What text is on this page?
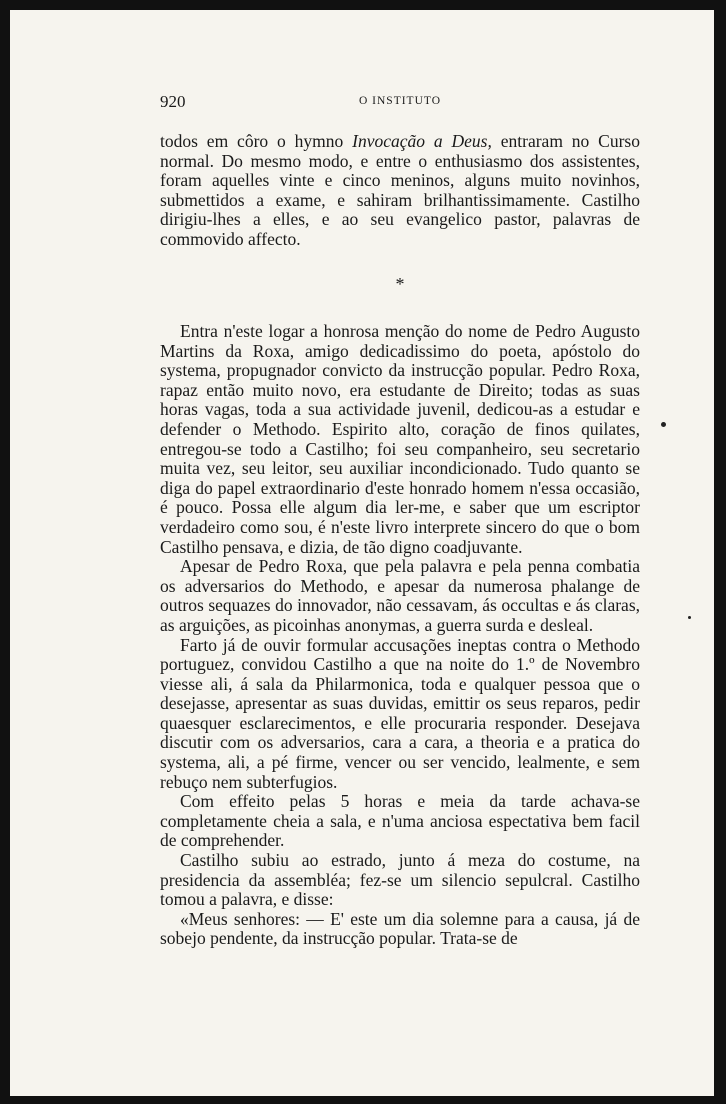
920	O INSTITUTO

todos em côro o hymno Invocação a Deus, entraram no Curso normal. Do mesmo modo, e entre o enthusiasmo dos assistentes, foram aquelles vinte e cinco meninos, alguns muito novinhos, submettidos a exame, e sahiram brilhantissimamente. Castilho dirigiu-lhes a elles, e ao seu evangelico pastor, palavras de commovido affecto.

*

Entra n'este logar a honrosa menção do nome de Pedro Augusto Martins da Roxa, amigo dedicadissimo do poeta, apóstolo do systema, propugnador convicto da instrucção popular. Pedro Roxa, rapaz então muito novo, era estudante de Direito; todas as suas horas vagas, toda a sua actividade juvenil, dedicou-as a estudar e defender o Methodo. Espirito alto, coração de finos quilates, entregou-se todo a Castilho; foi seu companheiro, seu secretario muita vez, seu leitor, seu auxiliar incondicionado. Tudo quanto se diga do papel extraordinario d'este honrado homem n'essa occasião, é pouco. Possa elle algum dia ler-me, e saber que um escriptor verdadeiro como sou, é n'este livro interprete sincero do que o bom Castilho pensava, e dizia, de tão digno coadjuvante.

Apesar de Pedro Roxa, que pela palavra e pela penna combatia os adversarios do Methodo, e apesar da numerosa phalange de outros sequazes do innovador, não cessavam, ás occultas e ás claras, as arguições, as picoinhas anonymas, a guerra surda e desleal.

Farto já de ouvir formular accusações ineptas contra o Methodo portuguez, convidou Castilho a que na noite do 1.º de Novembro viesse ali, á sala da Philarmonica, toda e qualquer pessoa que o desejasse, apresentar as suas duvidas, emittir os seus reparos, pedir quaesquer esclarecimentos, e elle procuraria responder. Desejava discutir com os adversarios, cara a cara, a theoria e a pratica do systema, ali, a pé firme, vencer ou ser vencido, lealmente, e sem rebuço nem subterfugios.

Com effeito pelas 5 horas e meia da tarde achava-se completamente cheia a sala, e n'uma anciosa espectativa bem facil de comprehender.

Castilho subiu ao estrado, junto á meza do costume, na presidencia da assembléa; fez-se um silencio sepulcral. Castilho tomou a palavra, e disse:

«Meus senhores: — E' este um dia solemne para a causa, já de sobejo pendente, da instrucção popular. Trata-se de
